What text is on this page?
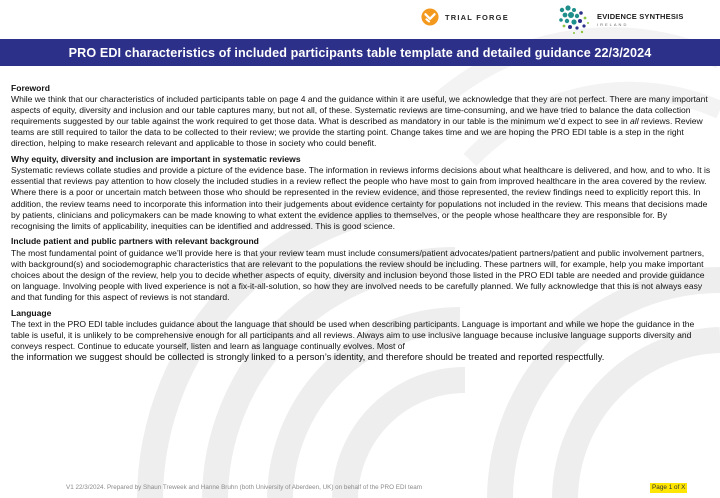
TRIAL FORGE	EVIDENCE SYNTHESIS
IRELAND
PRO EDI characteristics of included participants table template and detailed guidance 22/3/2024
Foreword
While we think that our characteristics of included participants table on page 4 and the guidance within it are useful, we acknowledge that they are not perfect. There are many important aspects of equity, diversity and inclusion and our table captures many, but not all, of these. Systematic reviews are time-consuming, and we have tried to balance the data collection requirements suggested by our table against the work required to get those data. What is described as mandatory in our table is the minimum we’d expect to see in all reviews. Review teams are still required to tailor the data to be collected to their review; we provide the starting point. Change takes time and we are hoping the PRO EDI table is a step in the right direction, helping to make research relevant and applicable to those in society who could benefit.
Why equity, diversity and inclusion are important in systematic reviews
Systematic reviews collate studies and provide a picture of the evidence base. The information in reviews informs decisions about what healthcare is delivered, and how, and to who. It is essential that reviews pay attention to how closely the included studies in a review reflect the people who have most to gain from improved healthcare in the area covered by the review. Where there is a poor or uncertain match between those who should be represented in the review evidence, and those represented, the review findings need to explicitly report this. In addition, the review teams need to incorporate this information into their judgements about evidence certainty for populations not included in the review. This means that decisions made by patients, clinicians and policymakers can be made knowing to what extent the evidence applies to themselves, or the people whose healthcare they are responsible for. By recognising the limits of applicability, inequities can be identified and addressed. This is good science.
Include patient and public partners with relevant background
The most fundamental point of guidance we’ll provide here is that your review team must include consumers/patient advocates/patient partners/patient and public involvement partners, with background(s) and sociodemographic characteristics that are relevant to the populations the review should be including. These partners will, for example, help you make important choices about the design of the review, help you to decide whether aspects of equity, diversity and inclusion beyond those listed in the PRO EDI table are needed and provide guidance on language. Involving people with lived experience is not a fix-it-all-solution, so how they are involved needs to be carefully planned. We fully acknowledge that this is not always easy and that funding for this aspect of reviews is not standard.
Language
The text in the PRO EDI table includes guidance about the language that should be used when describing participants. Language is important and while we hope the guidance in the table is useful, it is unlikely to be comprehensive enough for all participants and all reviews. Always aim to use inclusive language because inclusive language supports diversity and conveys respect. Continue to educate yourself, listen and learn as language continually evolves. Most of
the information we suggest should be collected is strongly linked to a person’s identity, and therefore should be treated and reported respectfully.
V1 22/3/2024. Prepared by Shaun Treweek and Hanne Bruhn (both University of Aberdeen, UK) on behalf of the PRO EDI team	Page 1 of X
